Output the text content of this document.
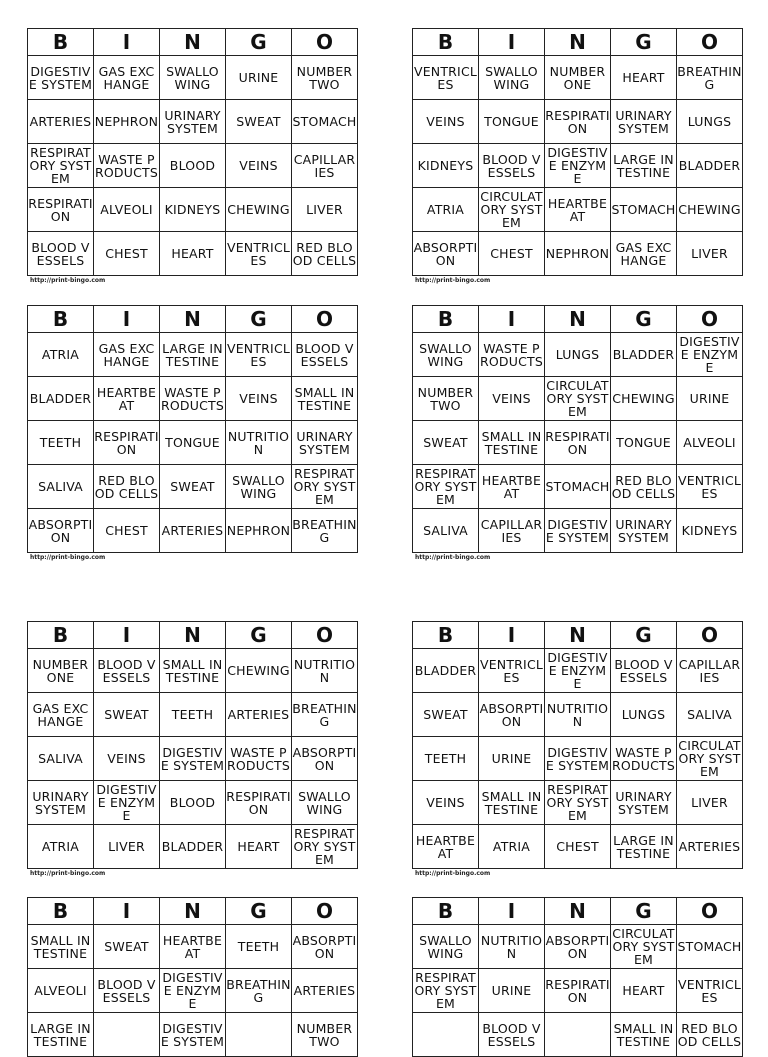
B	I	N	G	O
DIGESTIVE SYSTEM	GAS EXCHANGE	SWALLOWING	URINE	NUMBER TWO
ARTERIES	NEPHRON	URINARY SYSTEM	SWEAT	STOMACH
RESPIRATORY SYSTEM	WASTE PRODUCTS	BLOOD	VEINS	CAPILLARIES
RESPIRATION	ALVEOLI	KIDNEYS	CHEWING	LIVER
BLOOD VESSELS	CHEST	HEART	VENTRICLES	RED BLOOD CELLS
http://print-bingo.com
B	I	N	G	O
VENTRICLES	SWALLOWING	NUMBER ONE	HEART	BREATHING
VEINS	TONGUE	RESPIRATION	URINARY SYSTEM	LUNGS
KIDNEYS	BLOOD VESSELS	DIGESTIVE ENZYME	LARGE INTESTINE	BLADDER
ATRIA	CIRCULATORY SYSTEM	HEARTBEAT	STOMACH	CHEWING
ABSORPTION	CHEST	NEPHRON	GAS EXCHANGE	LIVER
http://print-bingo.com
B	I	N	G	O
ATRIA	GAS EXCHANGE	LARGE INTESTINE	VENTRICLES	BLOOD VESSELS
BLADDER	HEARTBEAT	WASTE PRODUCTS	VEINS	SMALL INTESTINE
TEETH	RESPIRATION	TONGUE	NUTRITION	URINARY SYSTEM
SALIVA	RED BLOOD CELLS	SWEAT	SWALLOWING	RESPIRATORY SYSTEM
ABSORPTION	CHEST	ARTERIES	NEPHRON	BREATHING
http://print-bingo.com
B	I	N	G	O
SWALLOWING	WASTE PRODUCTS	LUNGS	BLADDER	DIGESTIVE ENZYME
NUMBER TWO	VEINS	CIRCULATORY SYSTEM	CHEWING	URINE
SWEAT	SMALL INTESTINE	RESPIRATION	TONGUE	ALVEOLI
RESPIRATORY SYSTEM	HEARTBEAT	STOMACH	RED BLOOD CELLS	VENTRICLES
SALIVA	CAPILLARIES	DIGESTIVE SYSTEM	URINARY SYSTEM	KIDNEYS
http://print-bingo.com
B	I	N	G	O
NUMBER ONE	BLOOD VESSELS	SMALL INTESTINE	CHEWING	NUTRITION
GAS EXCHANGE	SWEAT	TEETH	ARTERIES	BREATHING
SALIVA	VEINS	DIGESTIVE SYSTEM	WASTE PRODUCTS	ABSORPTION
URINARY SYSTEM	DIGESTIVE ENZYME	BLOOD	RESPIRATION	SWALLOWING
ATRIA	LIVER	BLADDER	HEART	RESPIRATORY SYSTEM
http://print-bingo.com
B	I	N	G	O
BLADDER	VENTRICLES	DIGESTIVE ENZYME	BLOOD VESSELS	CAPILLARIES
SWEAT	ABSORPTION	NUTRITION	LUNGS	SALIVA
TEETH	URINE	DIGESTIVE SYSTEM	WASTE PRODUCTS	CIRCULATORY SYSTEM
VEINS	SMALL INTESTINE	RESPIRATORY SYSTEM	URINARY SYSTEM	LIVER
HEARTBEAT	ATRIA	CHEST	LARGE INTESTINE	ARTERIES
http://print-bingo.com
B	I	N	G	O
SMALL INTESTINE	SWEAT	HEARTBEAT	TEETH	ABSORPTION
ALVEOLI	BLOOD VESSELS	DIGESTIVE ENZYME	BREATHING	ARTERIES
LARGE INTESTINE		DIGESTIVE SYSTEM		NUMBER TWO
B	I	N	G	O
SWALLOWING	NUTRITION	ABSORPTION	CIRCULATORY SYSTEM	STOMACH
RESPIRATORY SYSTEM	URINE	RESPIRATION	HEART	VENTRICLES
	BLOOD VESSELS		SMALL INTESTINE	RED BLOOD CELLS
